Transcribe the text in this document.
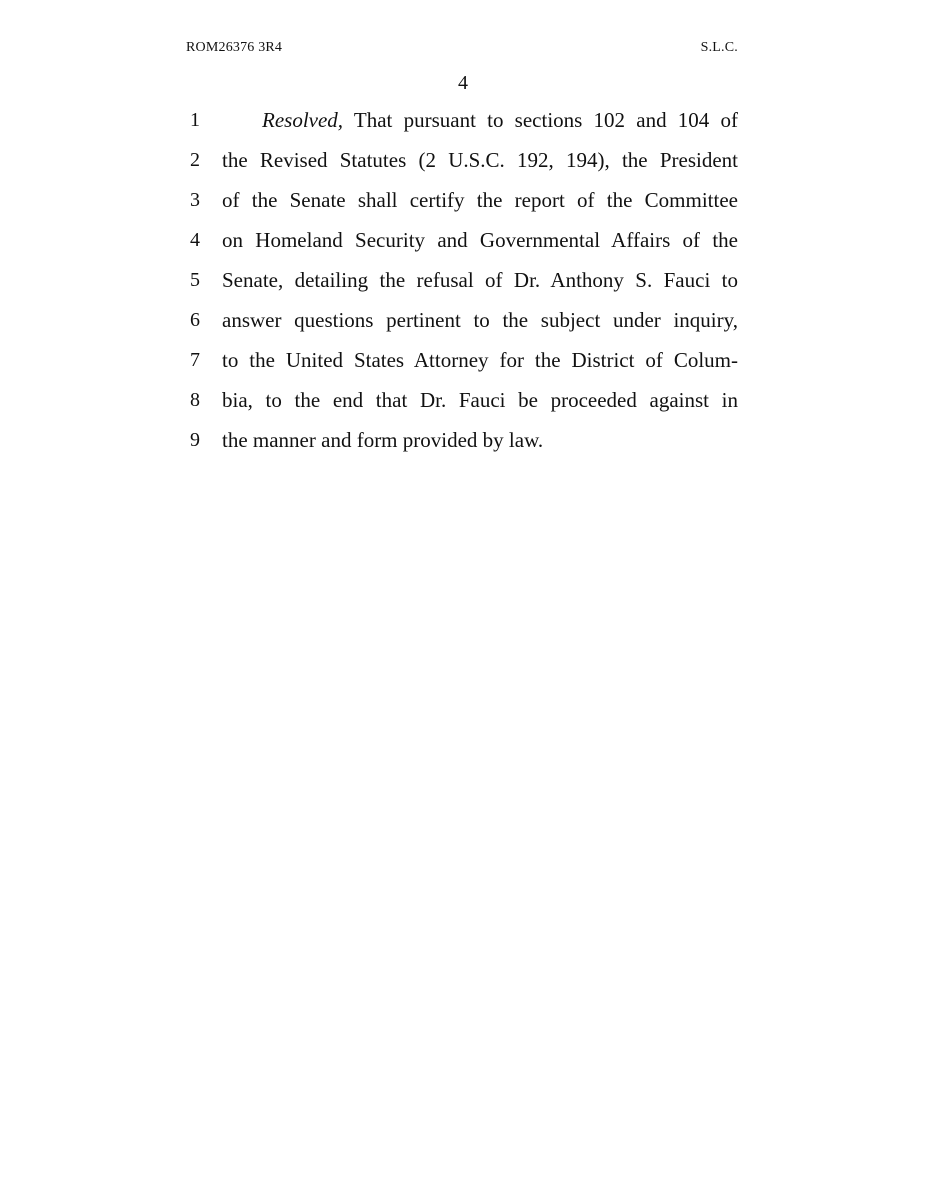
ROM26376 3R4	S.L.C.
4
1	Resolved, That pursuant to sections 102 and 104 of
2	the Revised Statutes (2 U.S.C. 192, 194), the President
3	of the Senate shall certify the report of the Committee
4	on Homeland Security and Governmental Affairs of the
5	Senate, detailing the refusal of Dr. Anthony S. Fauci to
6	answer questions pertinent to the subject under inquiry,
7	to the United States Attorney for the District of Colum-
8	bia, to the end that Dr. Fauci be proceeded against in
9	the manner and form provided by law.
